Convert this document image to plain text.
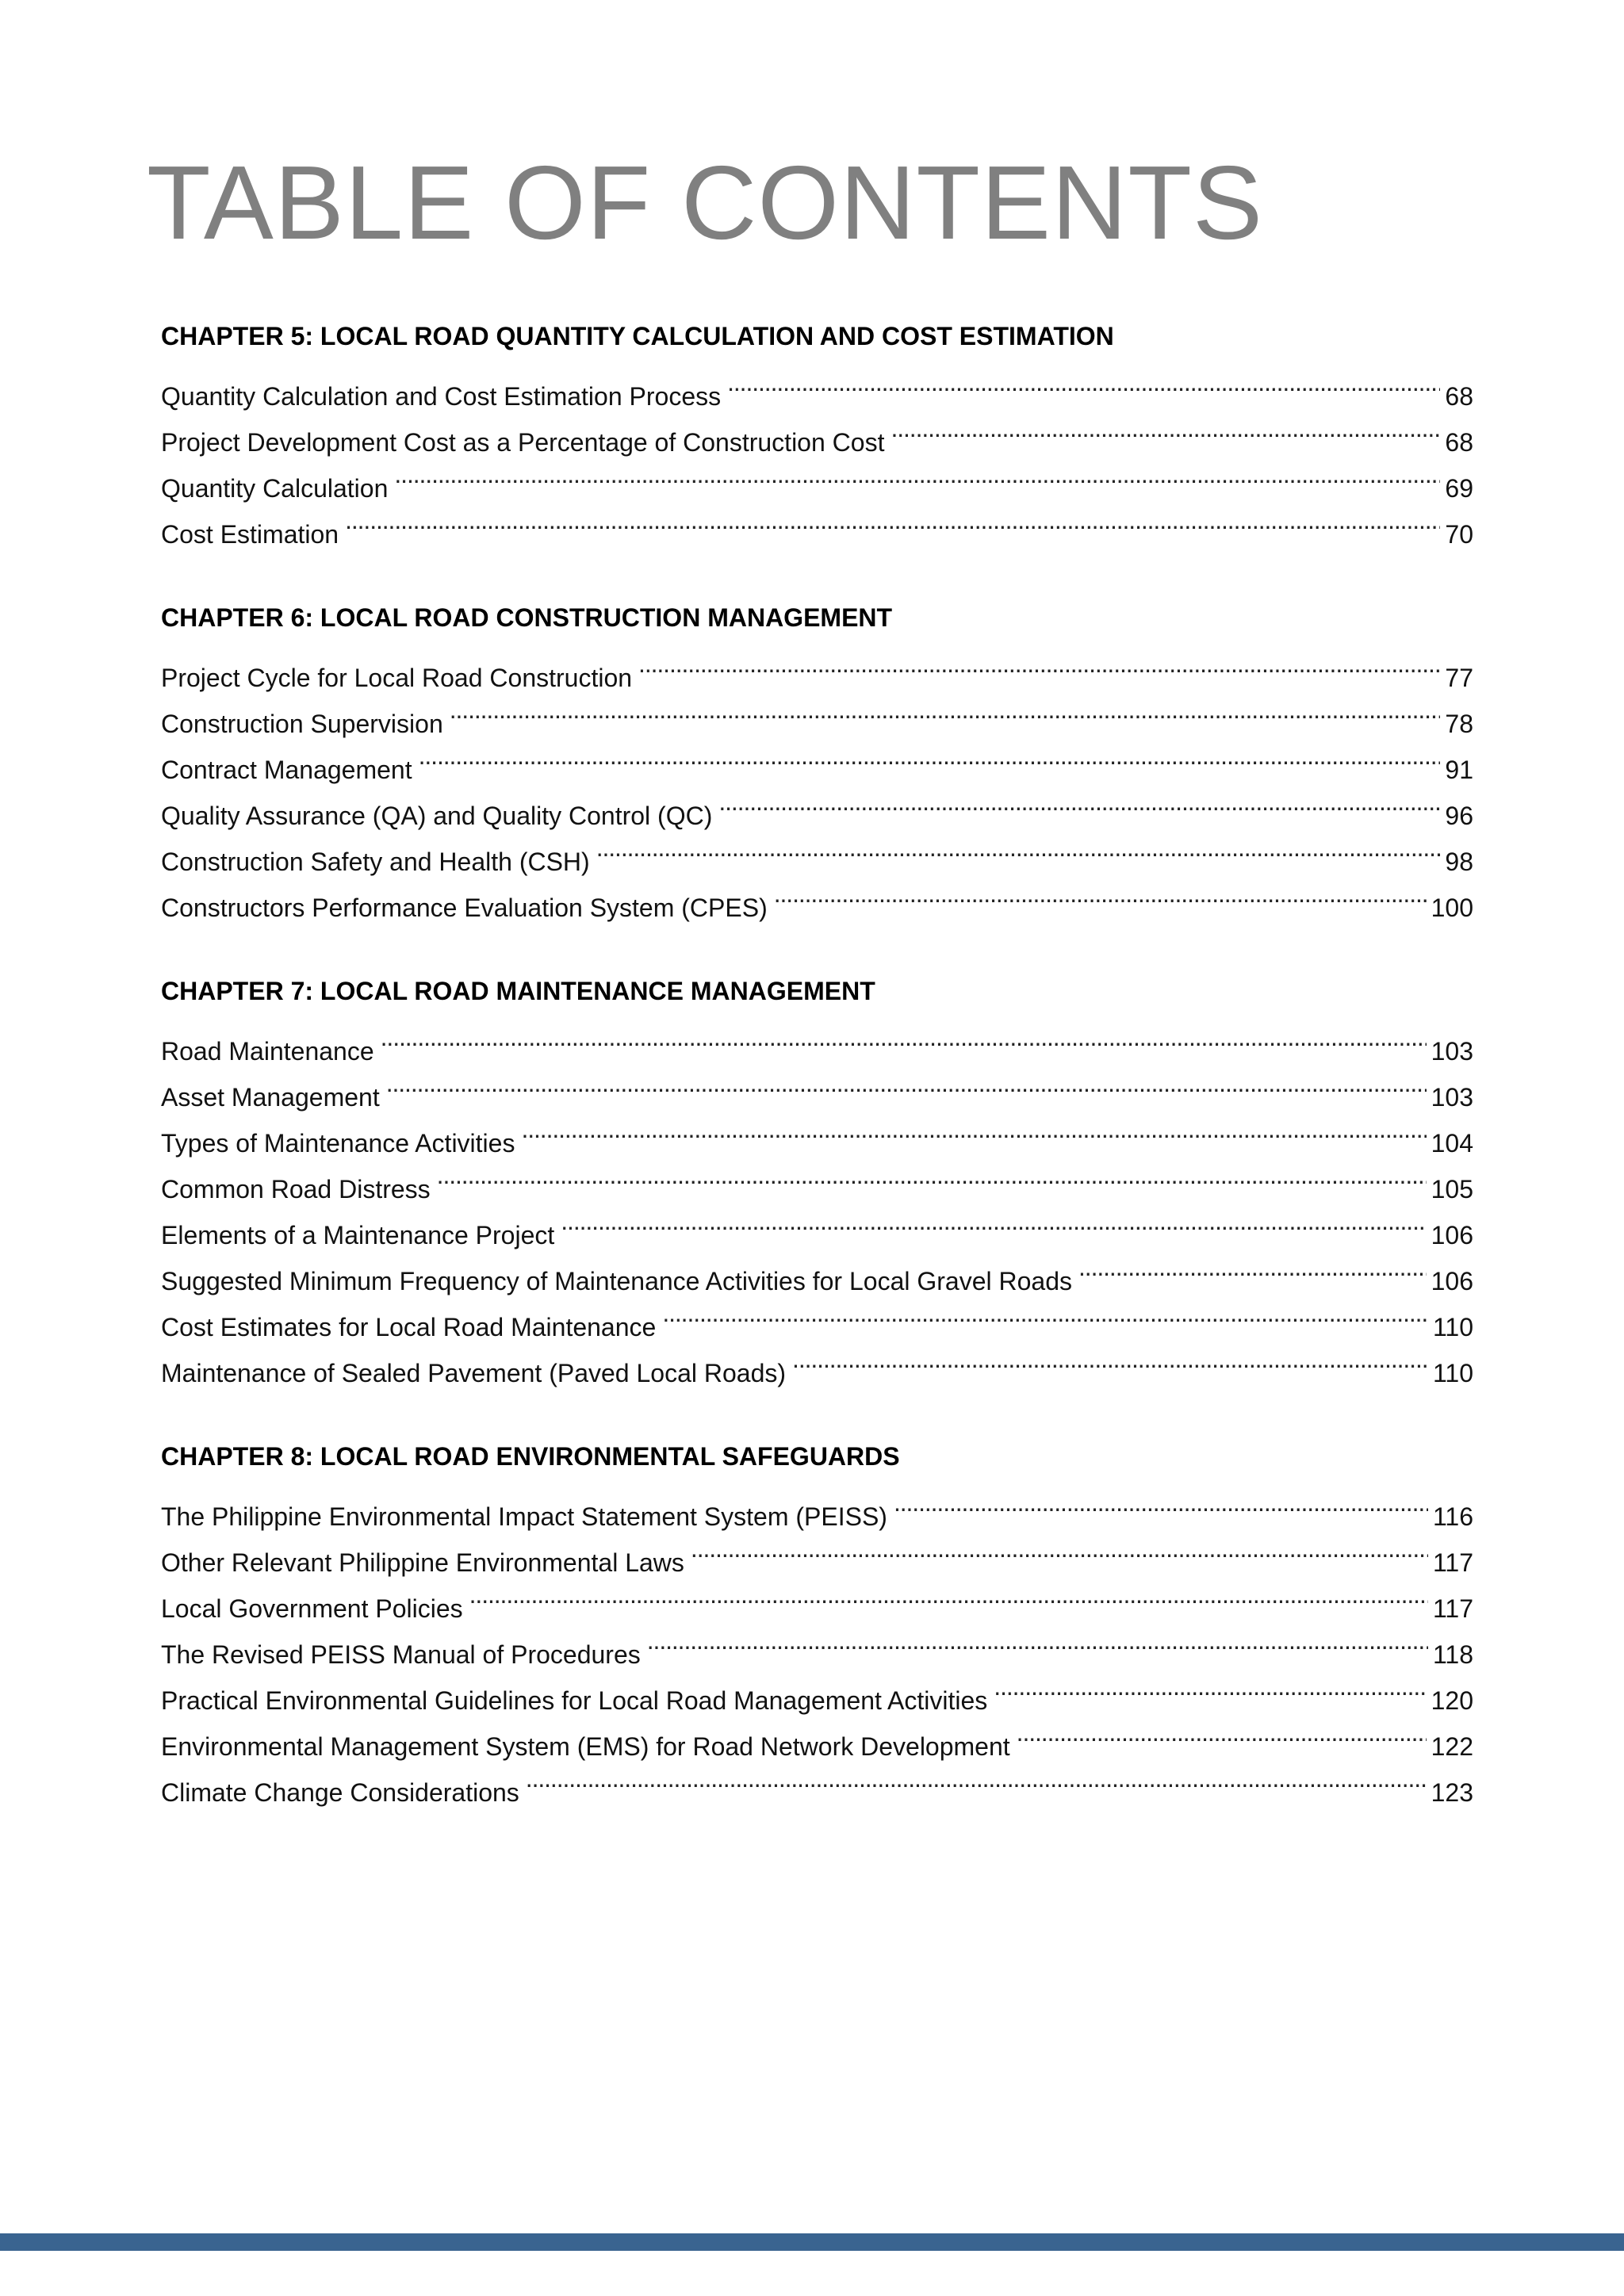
TABLE OF CONTENTS
CHAPTER 5: LOCAL ROAD QUANTITY CALCULATION AND COST ESTIMATION
Quantity Calculation and Cost Estimation Process . . .	68
Project Development Cost as a Percentage of Construction Cost . . .	68
Quantity Calculation . . .	69
Cost Estimation . . .	70
CHAPTER 6: LOCAL ROAD CONSTRUCTION MANAGEMENT
Project Cycle for Local Road Construction . . .	77
Construction Supervision . . .	78
Contract Management . . .	91
Quality Assurance (QA) and Quality Control (QC) . . .	96
Construction Safety and Health (CSH) . . .	98
Constructors Performance Evaluation System (CPES) . . .	100
CHAPTER 7: LOCAL ROAD MAINTENANCE MANAGEMENT
Road Maintenance . . .	103
Asset Management . . .	103
Types of Maintenance Activities . . .	104
Common Road Distress . . .	105
Elements of a Maintenance Project . . .	106
Suggested Minimum Frequency of Maintenance Activities for Local Gravel Roads . . .	106
Cost Estimates for Local Road Maintenance . . .	110
Maintenance of Sealed Pavement (Paved Local Roads) . . .	110
CHAPTER 8: LOCAL ROAD ENVIRONMENTAL SAFEGUARDS
The Philippine Environmental Impact Statement System (PEISS) . . .	116
Other Relevant Philippine Environmental Laws . . .	117
Local Government Policies . . .	117
The Revised PEISS Manual of Procedures . . .	118
Practical Environmental Guidelines for Local Road Management Activities . . .	120
Environmental Management System (EMS) for Road Network Development . . .	122
Climate Change Considerations . . .	123
